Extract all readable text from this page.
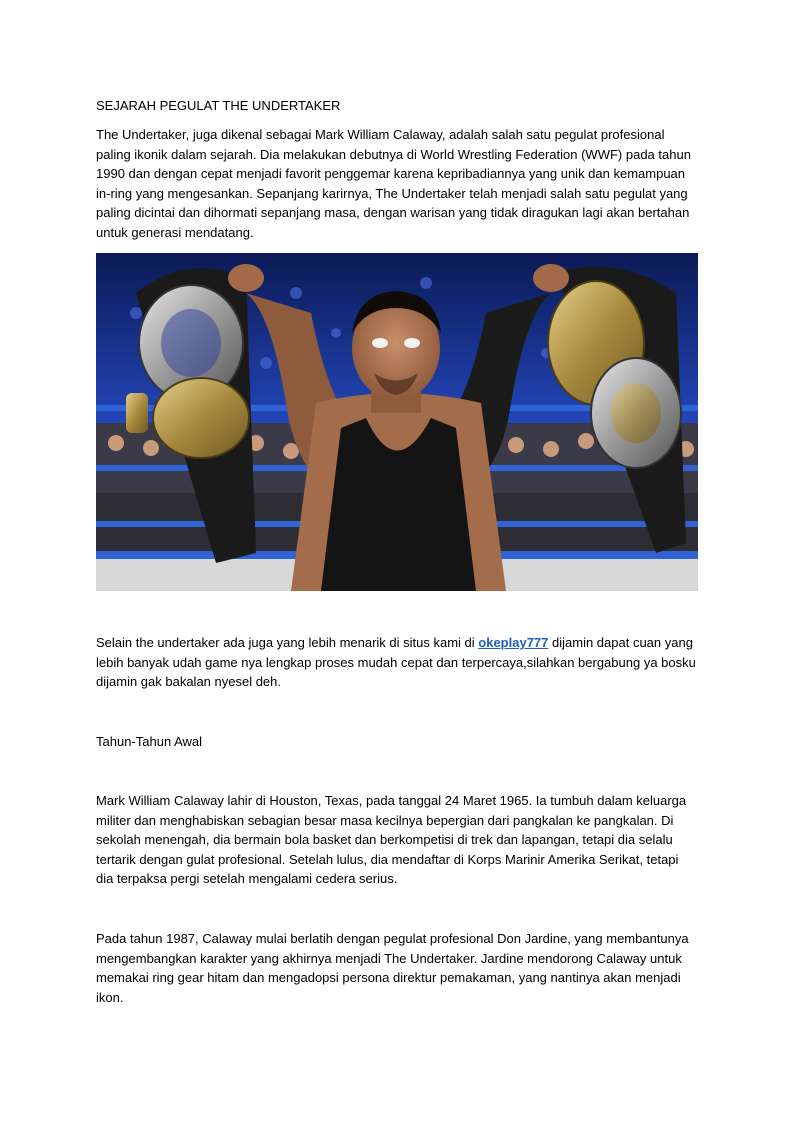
SEJARAH PEGULAT THE UNDERTAKER

The Undertaker, juga dikenal sebagai Mark William Calaway, adalah salah satu pegulat profesional paling ikonik dalam sejarah. Dia melakukan debutnya di World Wrestling Federation (WWF) pada tahun 1990 dan dengan cepat menjadi favorit penggemar karena kepribadiannya yang unik dan kemampuan in-ring yang mengesankan. Sepanjang karirnya, The Undertaker telah menjadi salah satu pegulat yang paling dicintai dan dihormati sepanjang masa, dengan warisan yang tidak diragukan lagi akan bertahan untuk generasi mendatang.

Selain the undertaker ada juga yang lebih menarik di situs kami di okeplay777 dijamin dapat cuan yang lebih banyak udah game nya lengkap proses mudah cepat dan terpercaya,silahkan bergabung ya bosku dijamin gak bakalan nyesel deh.

Tahun-Tahun Awal

Mark William Calaway lahir di Houston, Texas, pada tanggal 24 Maret 1965. Ia tumbuh dalam keluarga militer dan menghabiskan sebagian besar masa kecilnya bepergian dari pangkalan ke pangkalan. Di sekolah menengah, dia bermain bola basket dan berkompetisi di trek dan lapangan, tetapi dia selalu tertarik dengan gulat profesional. Setelah lulus, dia mendaftar di Korps Marinir Amerika Serikat, tetapi dia terpaksa pergi setelah mengalami cedera serius.

Pada tahun 1987, Calaway mulai berlatih dengan pegulat profesional Don Jardine, yang membantunya mengembangkan karakter yang akhirnya menjadi The Undertaker. Jardine mendorong Calaway untuk memakai ring gear hitam dan mengadopsi persona direktur pemakaman, yang nantinya akan menjadi ikon.
